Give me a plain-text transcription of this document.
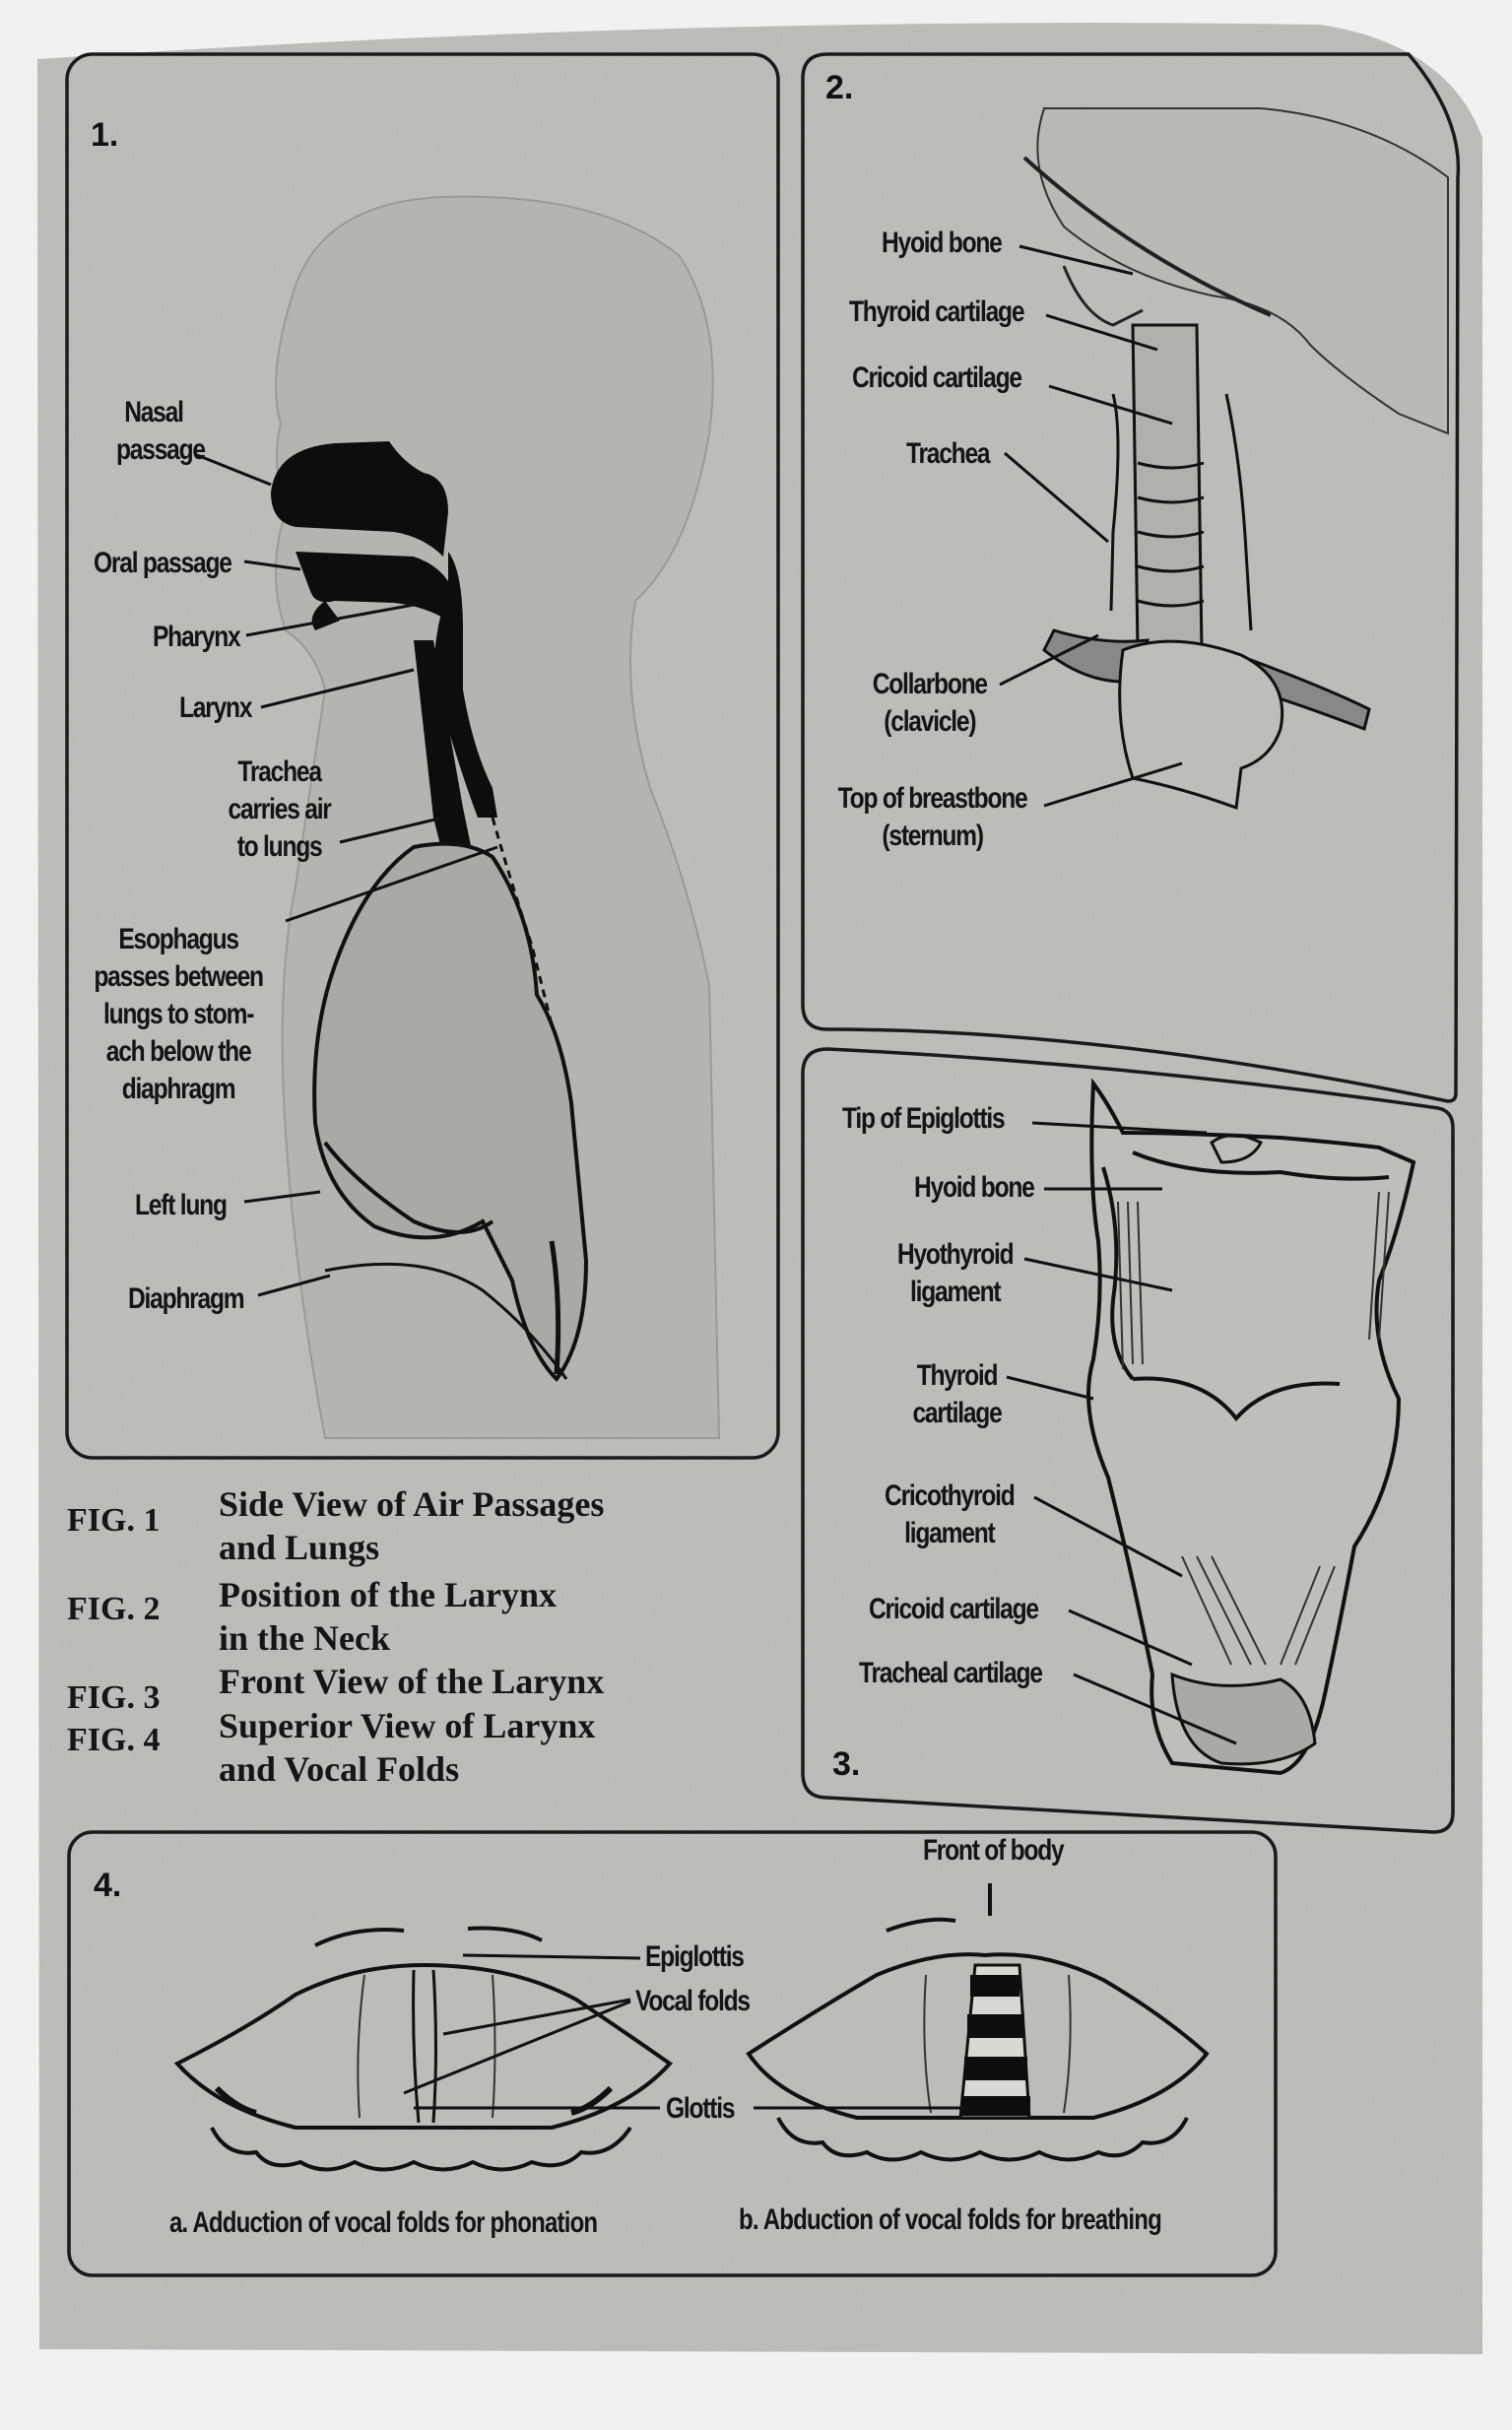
1.
2.
3.
4.
Nasal
passage
Oral passage
Pharynx
Larynx
Trachea
carries air
to lungs
Esophagus
passes between
lungs to stom-
ach below the
diaphragm
Left lung
Diaphragm
Hyoid bone
Thyroid cartilage
Cricoid cartilage
Trachea
Collarbone
(clavicle)
Top of breastbone
(sternum)
Tip of Epiglottis
Hyoid bone
Hyothyroid
ligament
Thyroid
cartilage
Cricothyroid
ligament
Cricoid cartilage
Tracheal cartilage
FIG. 1 Side View of Air Passages
and Lungs
FIG. 2 Position of the Larynx
in the Neck
FIG. 3 Front View of the Larynx
FIG. 4 Superior View of Larynx
and Vocal Folds
Front of body
Epiglottis
Vocal folds
Glottis
a. Adduction of vocal folds for phonation	b. Abduction of vocal folds for breathing
